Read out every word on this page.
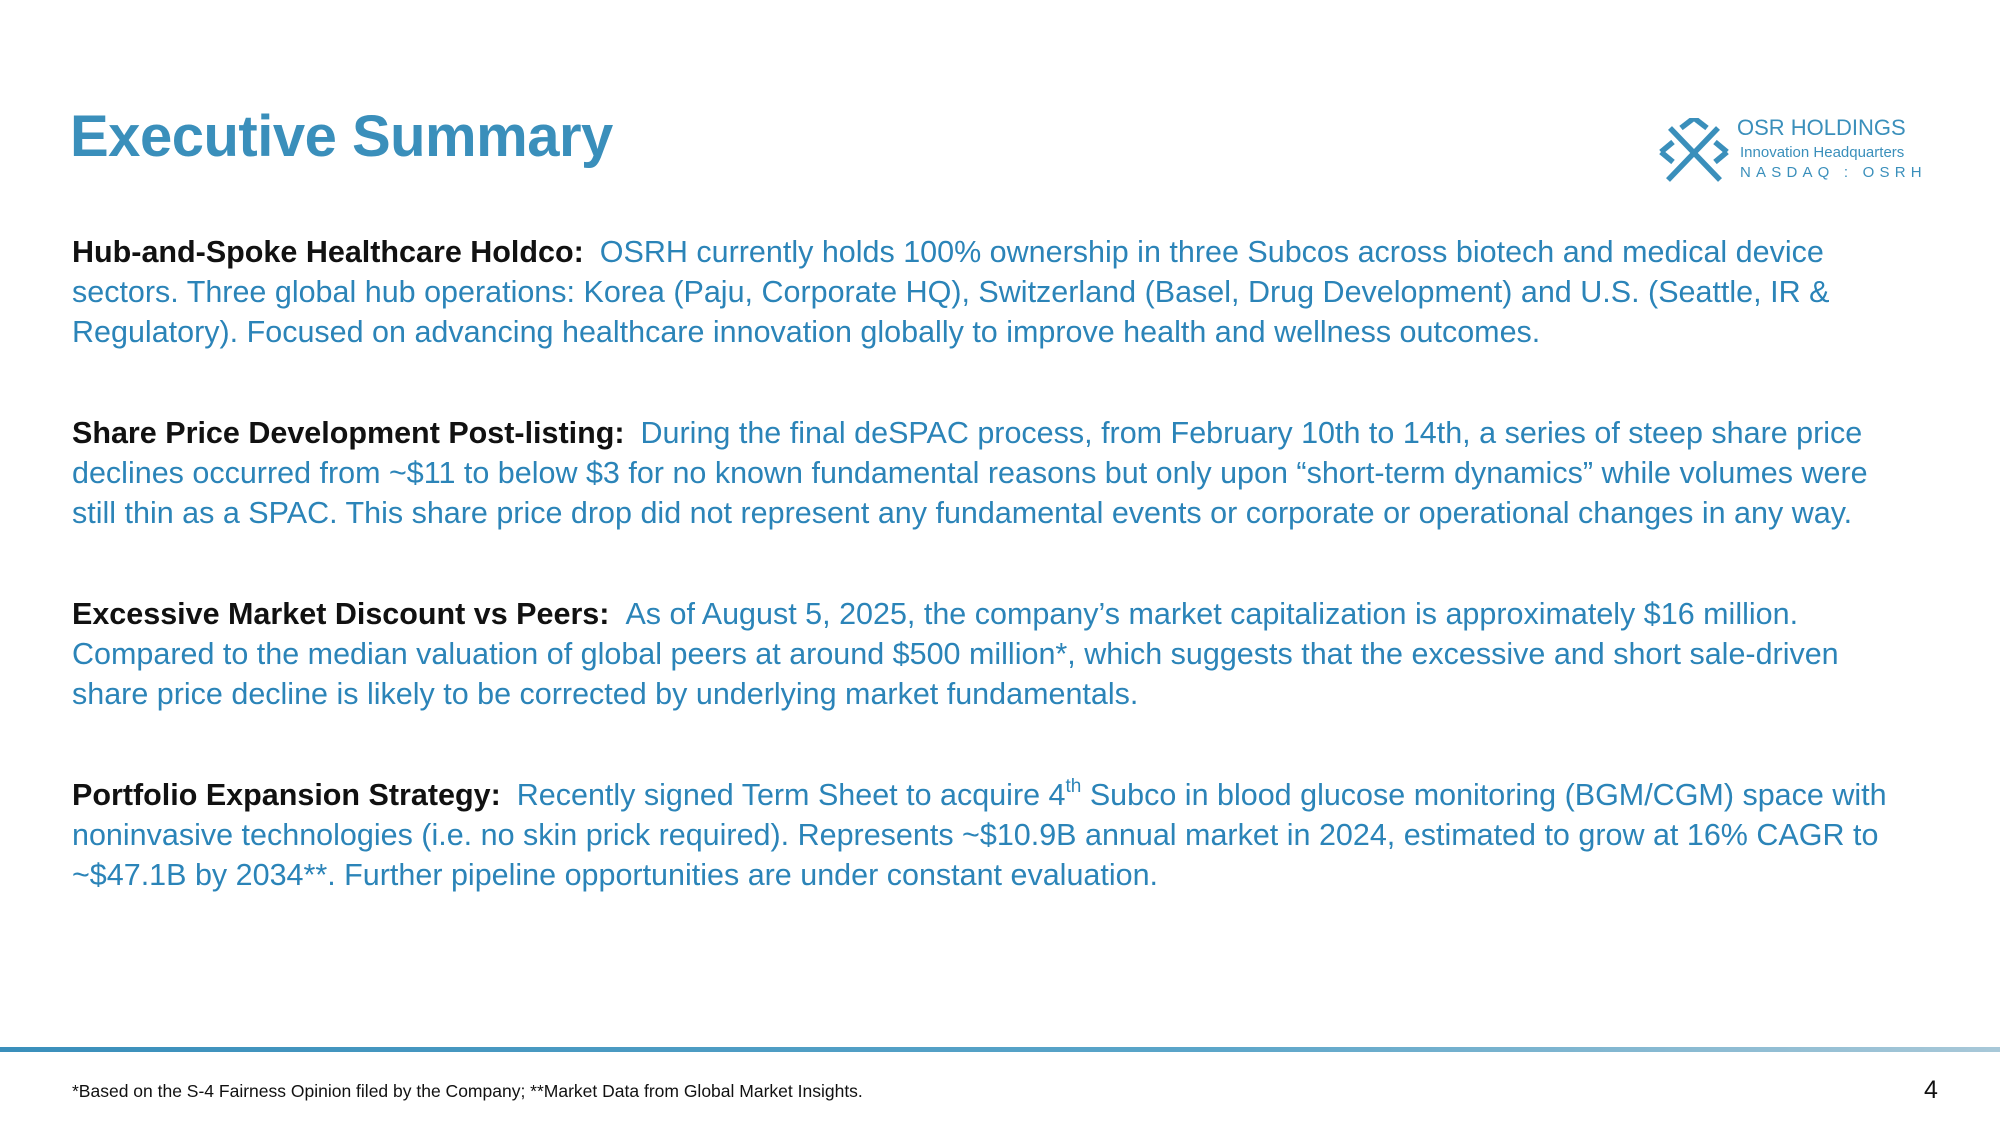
Executive Summary	OSR HOLDINGS
Innovation Headquarters
NASDAQ : OSRH

Hub-and-Spoke Healthcare Holdco: OSRH currently holds 100% ownership in three Subcos across biotech and medical device sectors. Three global hub operations: Korea (Paju, Corporate HQ), Switzerland (Basel, Drug Development) and U.S. (Seattle, IR & Regulatory). Focused on advancing healthcare innovation globally to improve health and wellness outcomes.

Share Price Development Post-listing: During the final deSPAC process, from February 10th to 14th, a series of steep share price declines occurred from ~$11 to below $3 for no known fundamental reasons but only upon “short-term dynamics” while volumes were still thin as a SPAC. This share price drop did not represent any fundamental events or corporate or operational changes in any way.

Excessive Market Discount vs Peers: As of August 5, 2025, the company’s market capitalization is approximately $16 million. Compared to the median valuation of global peers at around $500 million*, which suggests that the excessive and short sale-driven share price decline is likely to be corrected by underlying market fundamentals.

Portfolio Expansion Strategy: Recently signed Term Sheet to acquire 4th Subco in blood glucose monitoring (BGM/CGM) space with noninvasive technologies (i.e. no skin prick required). Represents ~$10.9B annual market in 2024, estimated to grow at 16% CAGR to ~$47.1B by 2034**. Further pipeline opportunities are under constant evaluation.

*Based on the S-4 Fairness Opinion filed by the Company; **Market Data from Global Market Insights.	4
